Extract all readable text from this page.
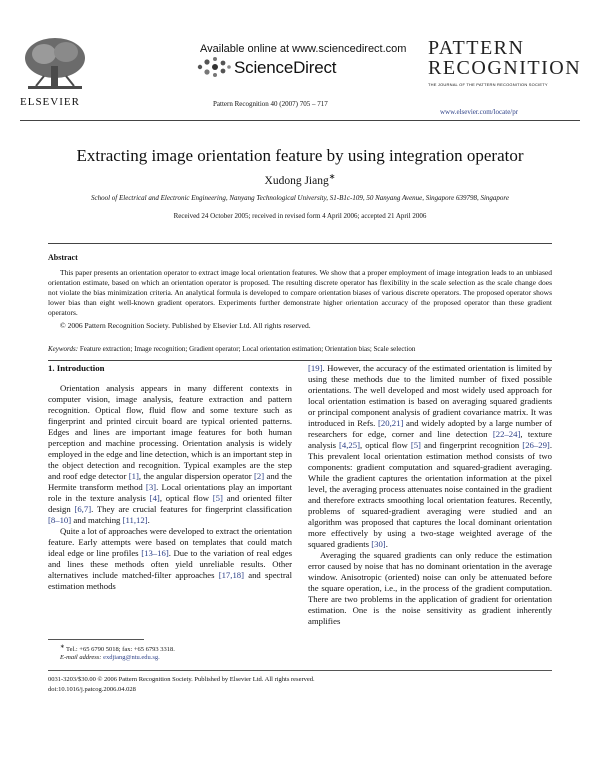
ELSEVIER
Available online at www.sciencedirect.com
ScienceDirect
Pattern Recognition 40 (2007) 705 – 717
PATTERN
RECOGNITION
THE JOURNAL OF THE PATTERN RECOGNITION SOCIETY
www.elsevier.com/locate/pr
Extracting image orientation feature by using integration operator
Xudong Jiang∗
School of Electrical and Electronic Engineering, Nanyang Technological University, S1-B1c-109, 50 Nanyang Avenue, Singapore 639798, Singapore
Received 24 October 2005; received in revised form 4 April 2006; accepted 21 April 2006
Abstract
This paper presents an orientation operator to extract image local orientation features. We show that a proper employment of image integration leads to an unbiased orientation estimate, based on which an orientation operator is proposed. The resulting discrete operator has flexibility in the scale selection as the scale change does not violate the bias minimization criteria. An analytical formula is developed to compare orientation biases of various discrete operators. The proposed operator shows lower bias than eight well-known gradient operators. Experiments further demonstrate higher orientation accuracy of the proposed operator than these gradient operators.
© 2006 Pattern Recognition Society. Published by Elsevier Ltd. All rights reserved.
Keywords: Feature extraction; Image recognition; Gradient operator; Local orientation estimation; Orientation bias; Scale selection
1. Introduction

Orientation analysis appears in many different contexts in computer vision, image analysis, feature extraction and pattern recognition. Optical flow, fluid flow and some texture such as fingerprint and printed circuit board are typical oriented patterns. Edges and lines are important image features for both human perception and machine processing. Orientation analysis is widely employed in the edge and line detection, which is an important step in the object detection and recognition. Typical examples are the step and roof edge detector [1], the angular dispersion operator [2] and the Hermite transform method [3]. Local orientations play an important role in the texture analysis [4], optical flow [5] and oriented filter design [6,7]. They are crucial features for fingerprint classification [8–10] and matching [11,12].

Quite a lot of approaches were developed to extract the orientation feature. Early attempts were based on templates that could match ideal edge or line profiles [13–16]. Due to the variation of real edges and lines these methods often yield unreliable results. Other alternatives include matched-filter approaches [17,18] and spectral estimation methods

[19]. However, the accuracy of the estimated orientation is limited by using these methods due to the limited number of fixed possible orientations. The well developed and most widely used approach for local orientation estimation is based on averaging squared gradients or principal component analysis of gradient covariance matrix. It was introduced in Refs. [20,21] and widely adopted by a large number of researchers for edge, corner and line detection [22–24], texture analysis [4,25], optical flow [5] and fingerprint recognition [26–29]. This prevalent local orientation estimation method consists of two components: gradient computation and squared-gradient averaging. While the gradient captures the orientation information at the pixel level, the averaging process attenuates noise contained in the gradient and therefore extracts smoothing local orientation features. Recently, problems of squared-gradient averaging were studied and an algorithm was proposed that captures the local dominant orientation more effectively by using a two-stage weighted average of the squared gradients [30].

Averaging the squared gradients can only reduce the estimation error caused by noise that has no dominant orientation in the average window. Anisotropic (oriented) noise can only be attenuated before the square operation, i.e., in the process of the gradient computation. There are two problems in the application of gradient for orientation estimation. One is the noise sensitivity as gradient inherently amplifies

∗ Tel.: +65 6790 5018; fax: +65 6793 3318.
E-mail address: exdjiang@ntu.edu.sg.
0031-3203/$30.00 © 2006 Pattern Recognition Society. Published by Elsevier Ltd. All rights reserved.
doi:10.1016/j.patcog.2006.04.028
